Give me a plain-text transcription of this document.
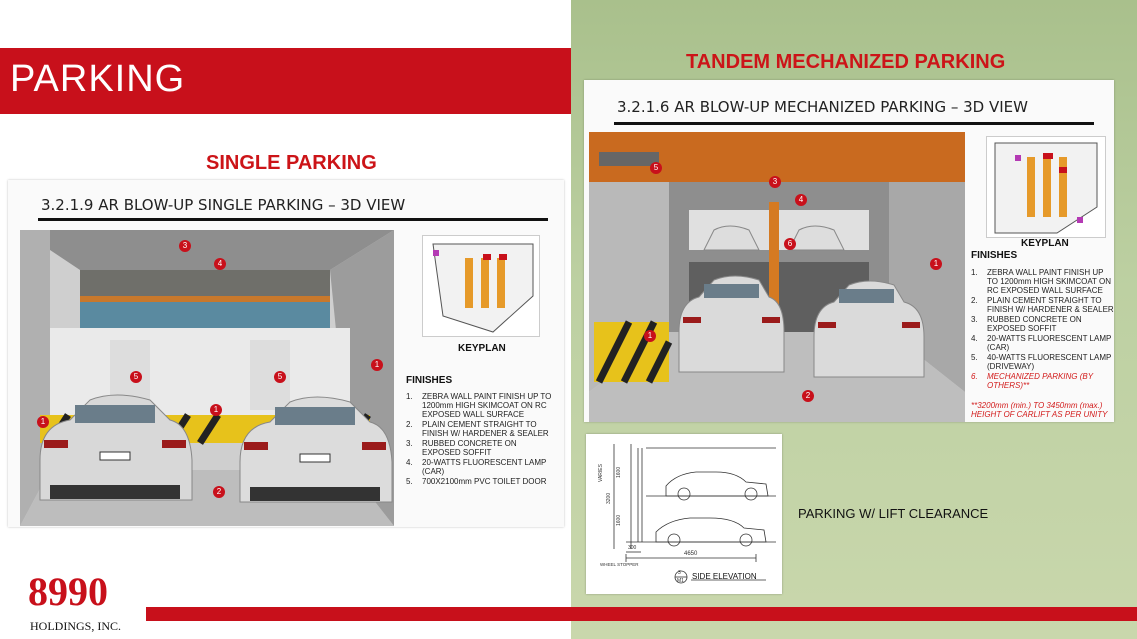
PARKING
SINGLE PARKING
TANDEM MECHANIZED PARKING
3.2.1.9 AR BLOW-UP SINGLE PARKING – 3D VIEW
3
4
5	5
1
1
1
2
KEYPLAN
FINISHES
1.	ZEBRA WALL PAINT FINISH UP TO 1200mm HIGH SKIMCOAT ON RC EXPOSED WALL SURFACE
2.	PLAIN CEMENT STRAIGHT TO FINISH W/ HARDENER & SEALER
3.	RUBBED CONCRETE ON EXPOSED SOFFIT
4.	20-WATTS FLUORESCENT LAMP (CAR)
5.	700X2100mm PVC TOILET DOOR
3.2.1.6 AR BLOW-UP MECHANIZED PARKING – 3D VIEW
5
3
4
6
1
1
2
KEYPLAN
FINISHES
1.	ZEBRA WALL PAINT FINISH UP TO 1200mm HIGH SKIMCOAT ON RC EXPOSED WALL SURFACE
2.	PLAIN CEMENT STRAIGHT TO FINISH W/ HARDENER & SEALER
3.	RUBBED CONCRETE ON EXPOSED SOFFIT
4.	20-WATTS FLUORESCENT LAMP (CAR)
5.	40-WATTS FLUORESCENT LAMP (DRIVEWAY)
6.	MECHANIZED PARKING (BY OTHERS)**
**3200mm (min.) TO 3450mm (max.) HEIGHT OF CARLIFT AS PER UNITY
VARIES
3200
1600
1600
300
4650
WHEEL STOPPER
3
M1 SIDE ELEVATION
PARKING W/ LIFT CLEARANCE
8990
HOLDINGS, INC.
